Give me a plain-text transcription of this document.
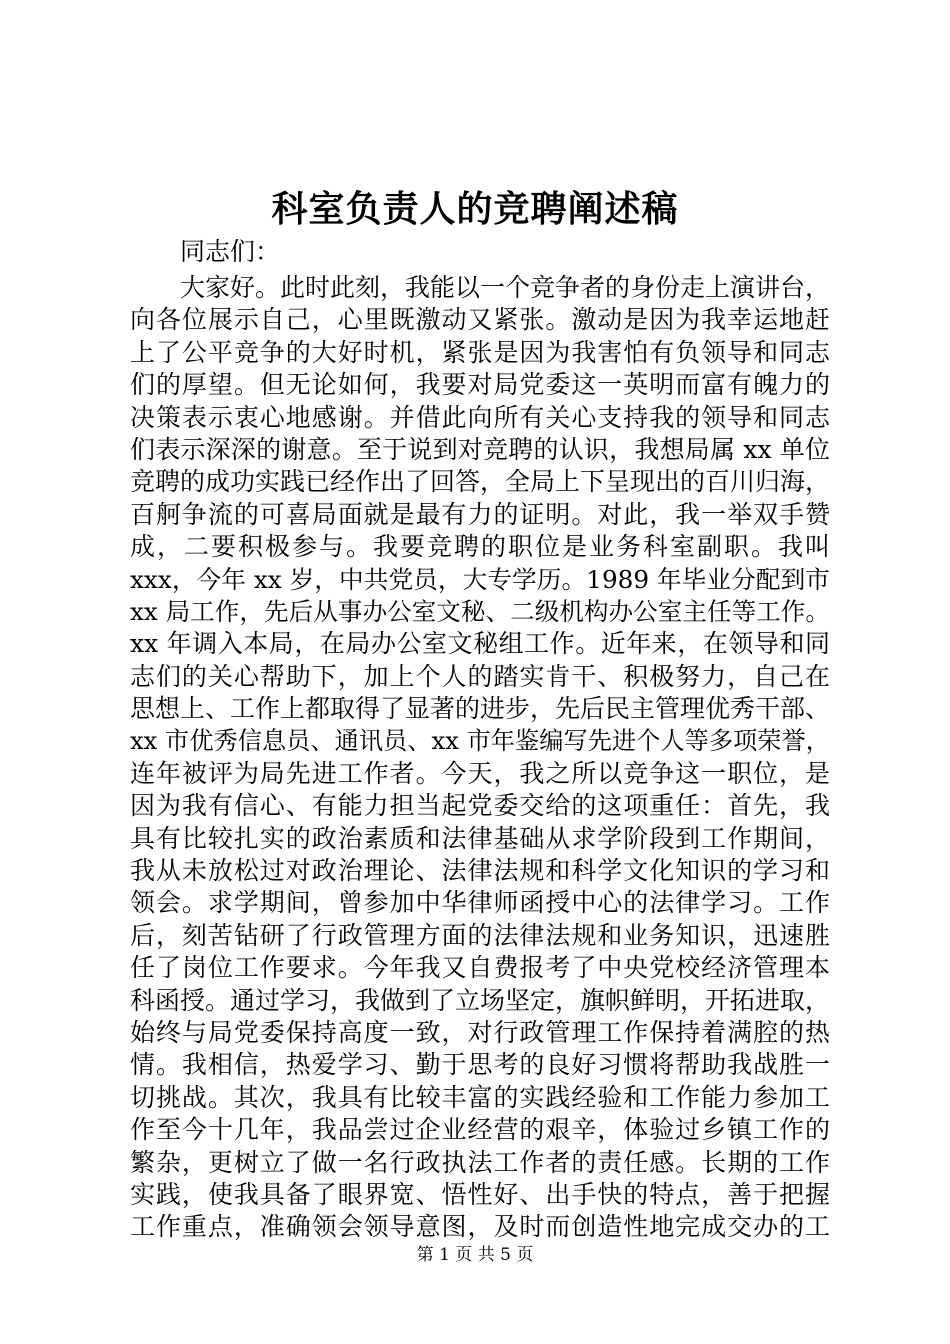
科室负责人的竞聘阐述稿
同志们：
大家好。此时此刻，我能以一个竞争者的身份走上演讲台，
向各位展示自己，心里既激动又紧张。激动是因为我幸运地赶
上了公平竞争的大好时机，紧张是因为我害怕有负领导和同志
们的厚望。但无论如何，我要对局党委这一英明而富有魄力的
决策表示衷心地感谢。并借此向所有关心支持我的领导和同志
们表示深深的谢意。至于说到对竞聘的认识，我想局属 xx 单位
竞聘的成功实践已经作出了回答，全局上下呈现出的百川归海，
百舸争流的可喜局面就是最有力的证明。对此，我一举双手赞
成，二要积极参与。我要竞聘的职位是业务科室副职。我叫
xxx，今年 xx 岁，中共党员，大专学历。1989 年毕业分配到市
xx 局工作，先后从事办公室文秘、二级机构办公室主任等工作。
xx 年调入本局，在局办公室文秘组工作。近年来，在领导和同
志们的关心帮助下，加上个人的踏实肯干、积极努力，自己在
思想上、工作上都取得了显著的进步，先后民主管理优秀干部、
xx 市优秀信息员、通讯员、xx 市年鉴编写先进个人等多项荣誉，
连年被评为局先进工作者。今天，我之所以竞争这一职位，是
因为我有信心、有能力担当起党委交给的这项重任：首先，我
具有比较扎实的政治素质和法律基础从求学阶段到工作期间，
我从未放松过对政治理论、法律法规和科学文化知识的学习和
领会。求学期间，曾参加中华律师函授中心的法律学习。工作
后，刻苦钻研了行政管理方面的法律法规和业务知识，迅速胜
任了岗位工作要求。今年我又自费报考了中央党校经济管理本
科函授。通过学习，我做到了立场坚定，旗帜鲜明，开拓进取，
始终与局党委保持高度一致，对行政管理工作保持着满腔的热
情。我相信，热爱学习、勤于思考的良好习惯将帮助我战胜一
切挑战。其次，我具有比较丰富的实践经验和工作能力参加工
作至今十几年，我品尝过企业经营的艰辛，体验过乡镇工作的
繁杂，更树立了做一名行政执法工作者的责任感。长期的工作
实践，使我具备了眼界宽、悟性好、出手快的特点，善于把握
工作重点，准确领会领导意图，及时而创造性地完成交办的工
第 1 页 共 5 页
